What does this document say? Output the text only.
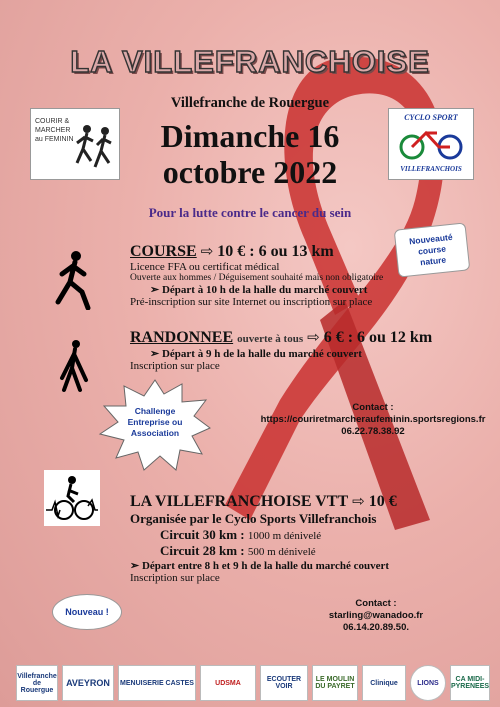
LA VILLEFRANCHOISE
Villefranche de Rouergue
Dimanche 16
octobre 2022
Pour la lutte contre le cancer du sein
COURIR &
MARCHER
au FEMININ
CYCLO SPORT
VILLEFRANCHOIS
Nouveauté
course
nature
COURSE ⇨ 10 € : 6 ou 13 km
Licence FFA ou certificat médical
Ouverte aux hommes / Déguisement souhaité mais non obligatoire
➢ Départ à 10 h de la halle du marché couvert
Pré-inscription sur site Internet ou inscription sur place
RANDONNEE ouverte à tous ⇨ 6 € : 6 ou 12 km
➢ Départ à 9 h de la halle du marché couvert
Inscription sur place
Challenge
Entreprise ou
Association
Contact :
https://couriretmarcheraufeminin.sportsregions.fr
06.22.78.38.92
LA VILLEFRANCHOISE VTT ⇨ 10 €
Organisée par le Cyclo Sports Villefranchois
Circuit 30 km : 1000 m dénivelé
Circuit 28 km : 500 m dénivelé
➢ Départ entre 8 h et 9 h de la halle du marché couvert
Inscription sur place
Nouveau !
Contact :
starling@wanadoo.fr
06.14.20.89.50.
Villefranche de Rouergue
AVEYRON	MENUISERIE CASTES	UDSMA	ECOUTER VOIR
LE MOULIN DU PAYRET	Clinique	LIONS	CA MIDI-PYRENEES
